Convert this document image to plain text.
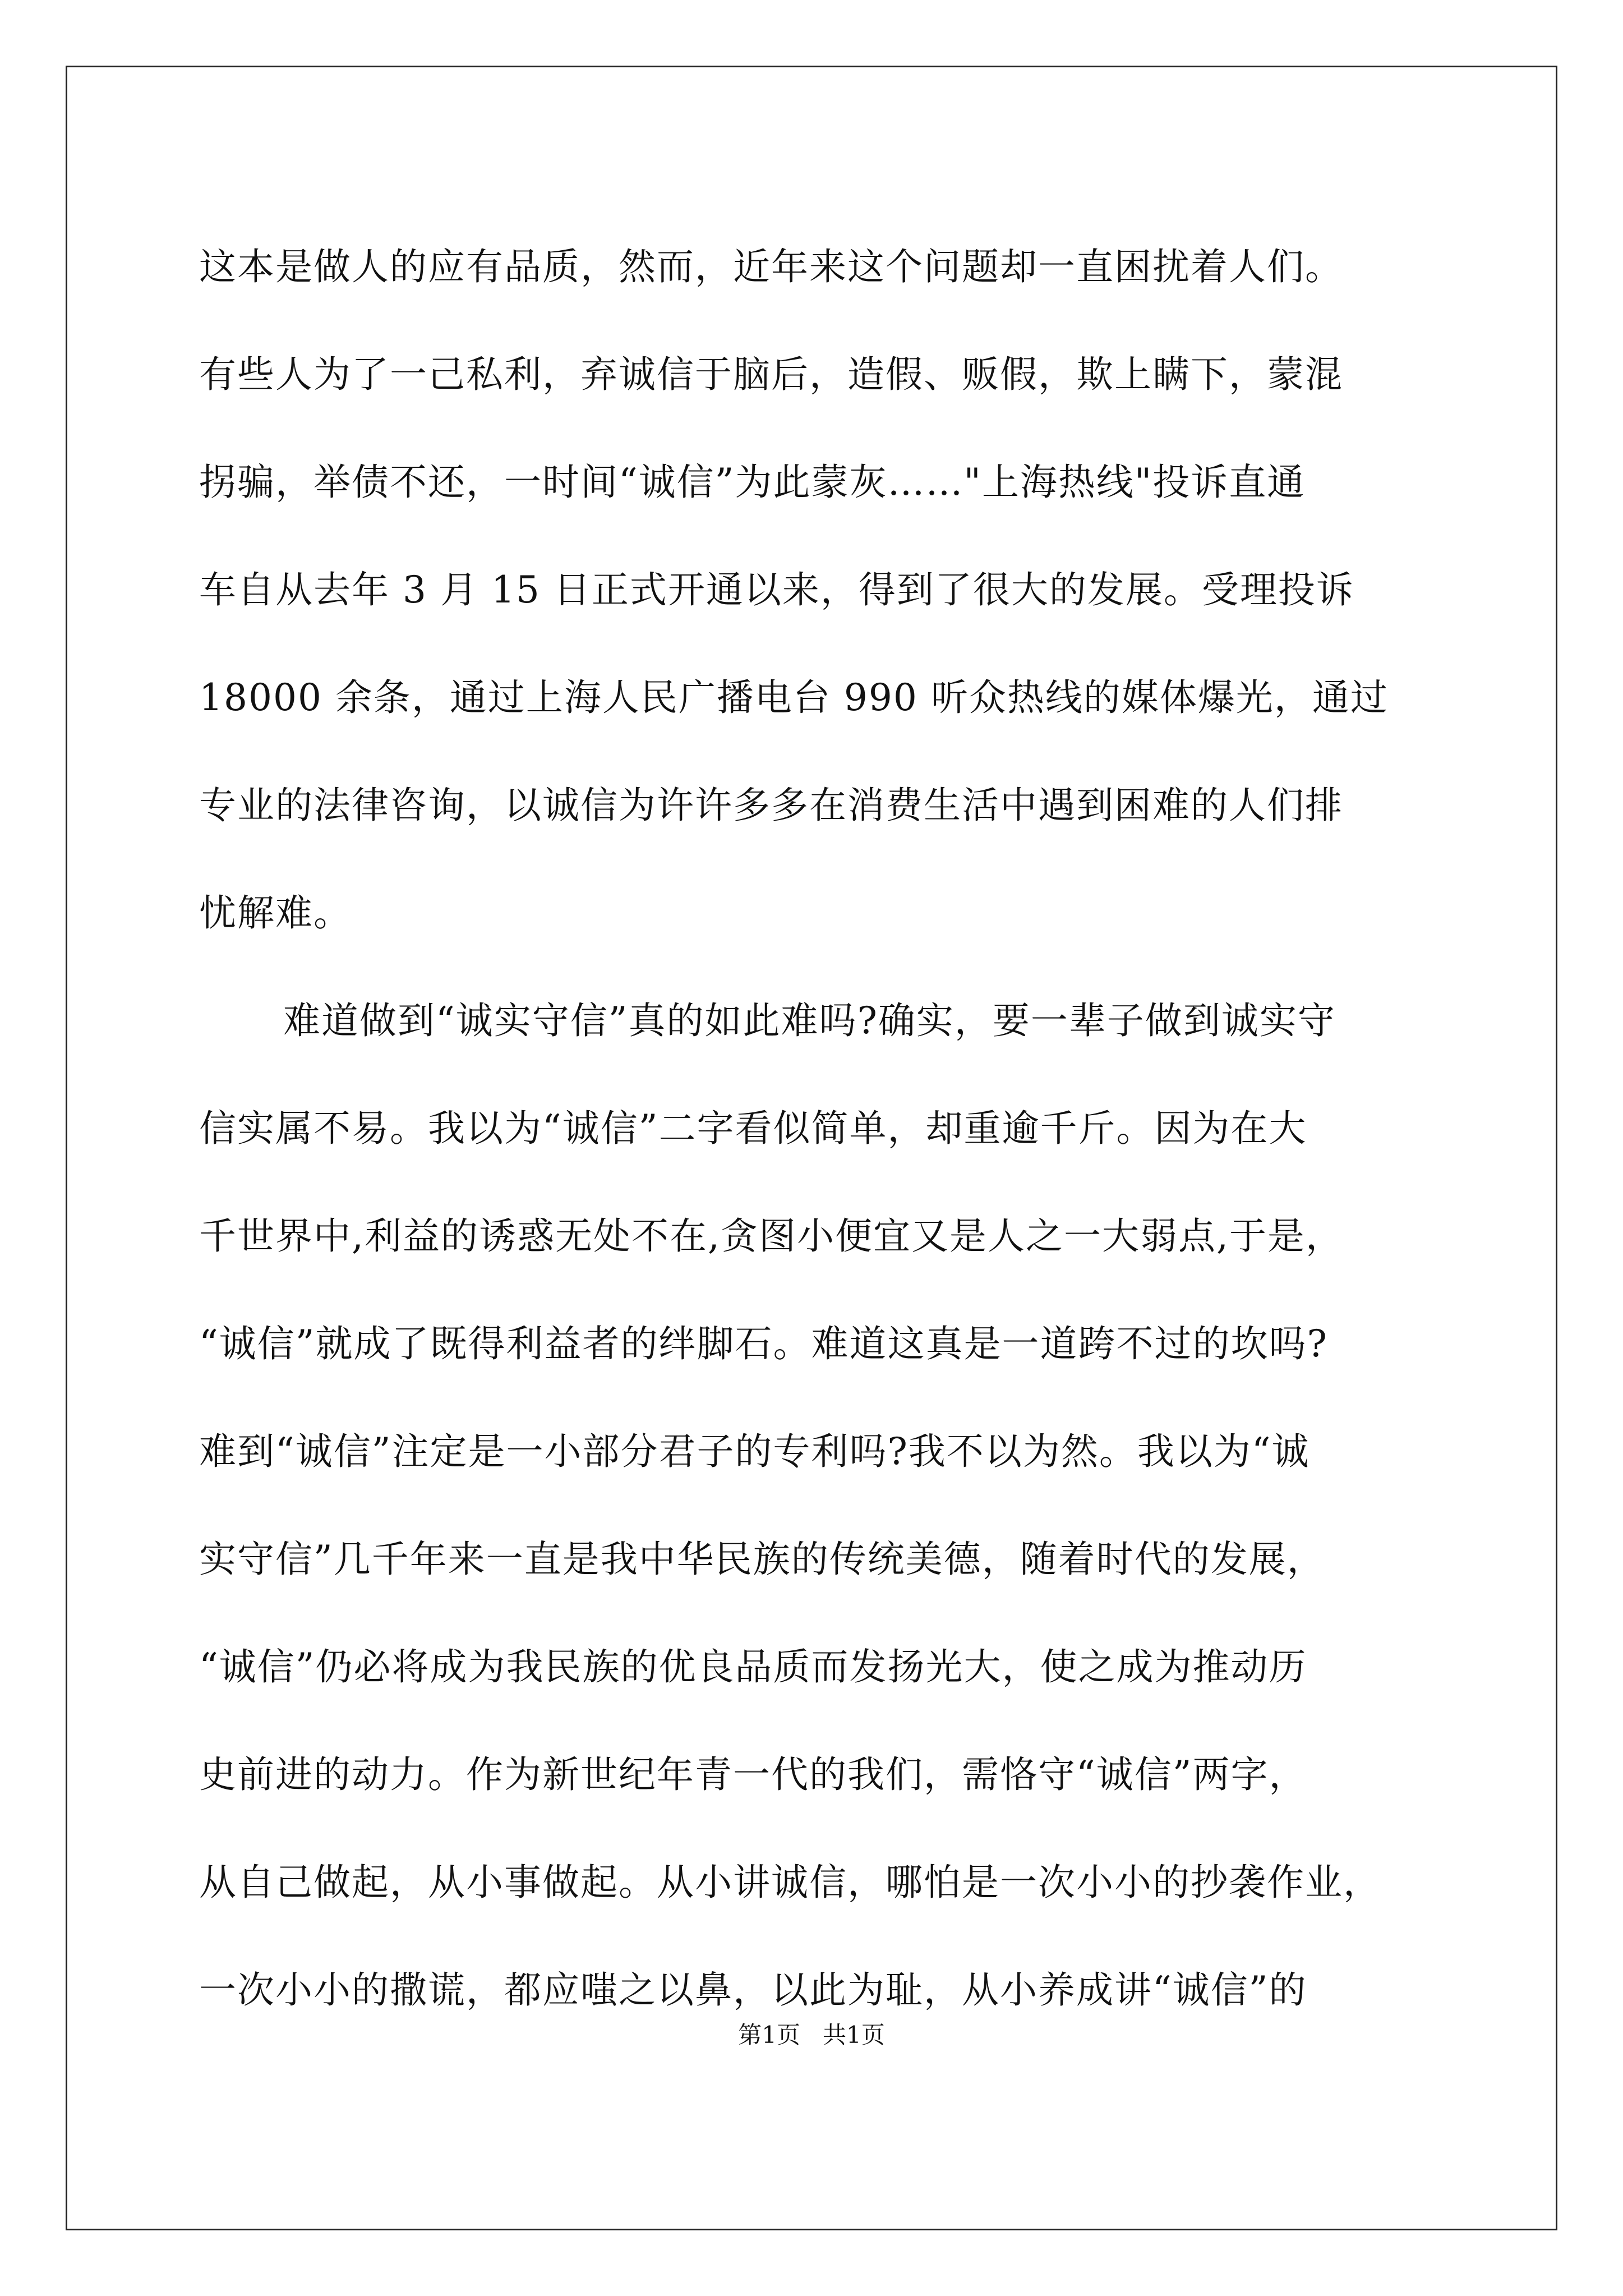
这本是做人的应有品质，然而，近年来这个问题却一直困扰着人们。
有些人为了一己私利，弃诚信于脑后，造假、贩假，欺上瞒下，蒙混
拐骗，举债不还，一时间“诚信”为此蒙灰……"上海热线"投诉直通
车自从去年 3 月 15 日正式开通以来，得到了很大的发展。受理投诉
18000 余条，通过上海人民广播电台 990 听众热线的媒体爆光，通过
专业的法律咨询，以诚信为许许多多在消费生活中遇到困难的人们排
忧解难。
难道做到“诚实守信”真的如此难吗?确实，要一辈子做到诚实守
信实属不易。我以为“诚信”二字看似简单，却重逾千斤。因为在大
千世界中,利益的诱惑无处不在,贪图小便宜又是人之一大弱点,于是，
“诚信”就成了既得利益者的绊脚石。难道这真是一道跨不过的坎吗?
难到“诚信”注定是一小部分君子的专利吗?我不以为然。我以为“诚
实守信”几千年来一直是我中华民族的传统美德，随着时代的发展，
“诚信”仍必将成为我民族的优良品质而发扬光大，使之成为推动历
史前进的动力。作为新世纪年青一代的我们，需恪守“诚信”两字，
从自己做起，从小事做起。从小讲诚信，哪怕是一次小小的抄袭作业，
一次小小的撒谎，都应嗤之以鼻，以此为耻，从小养成讲“诚信”的
第1页   共1页
